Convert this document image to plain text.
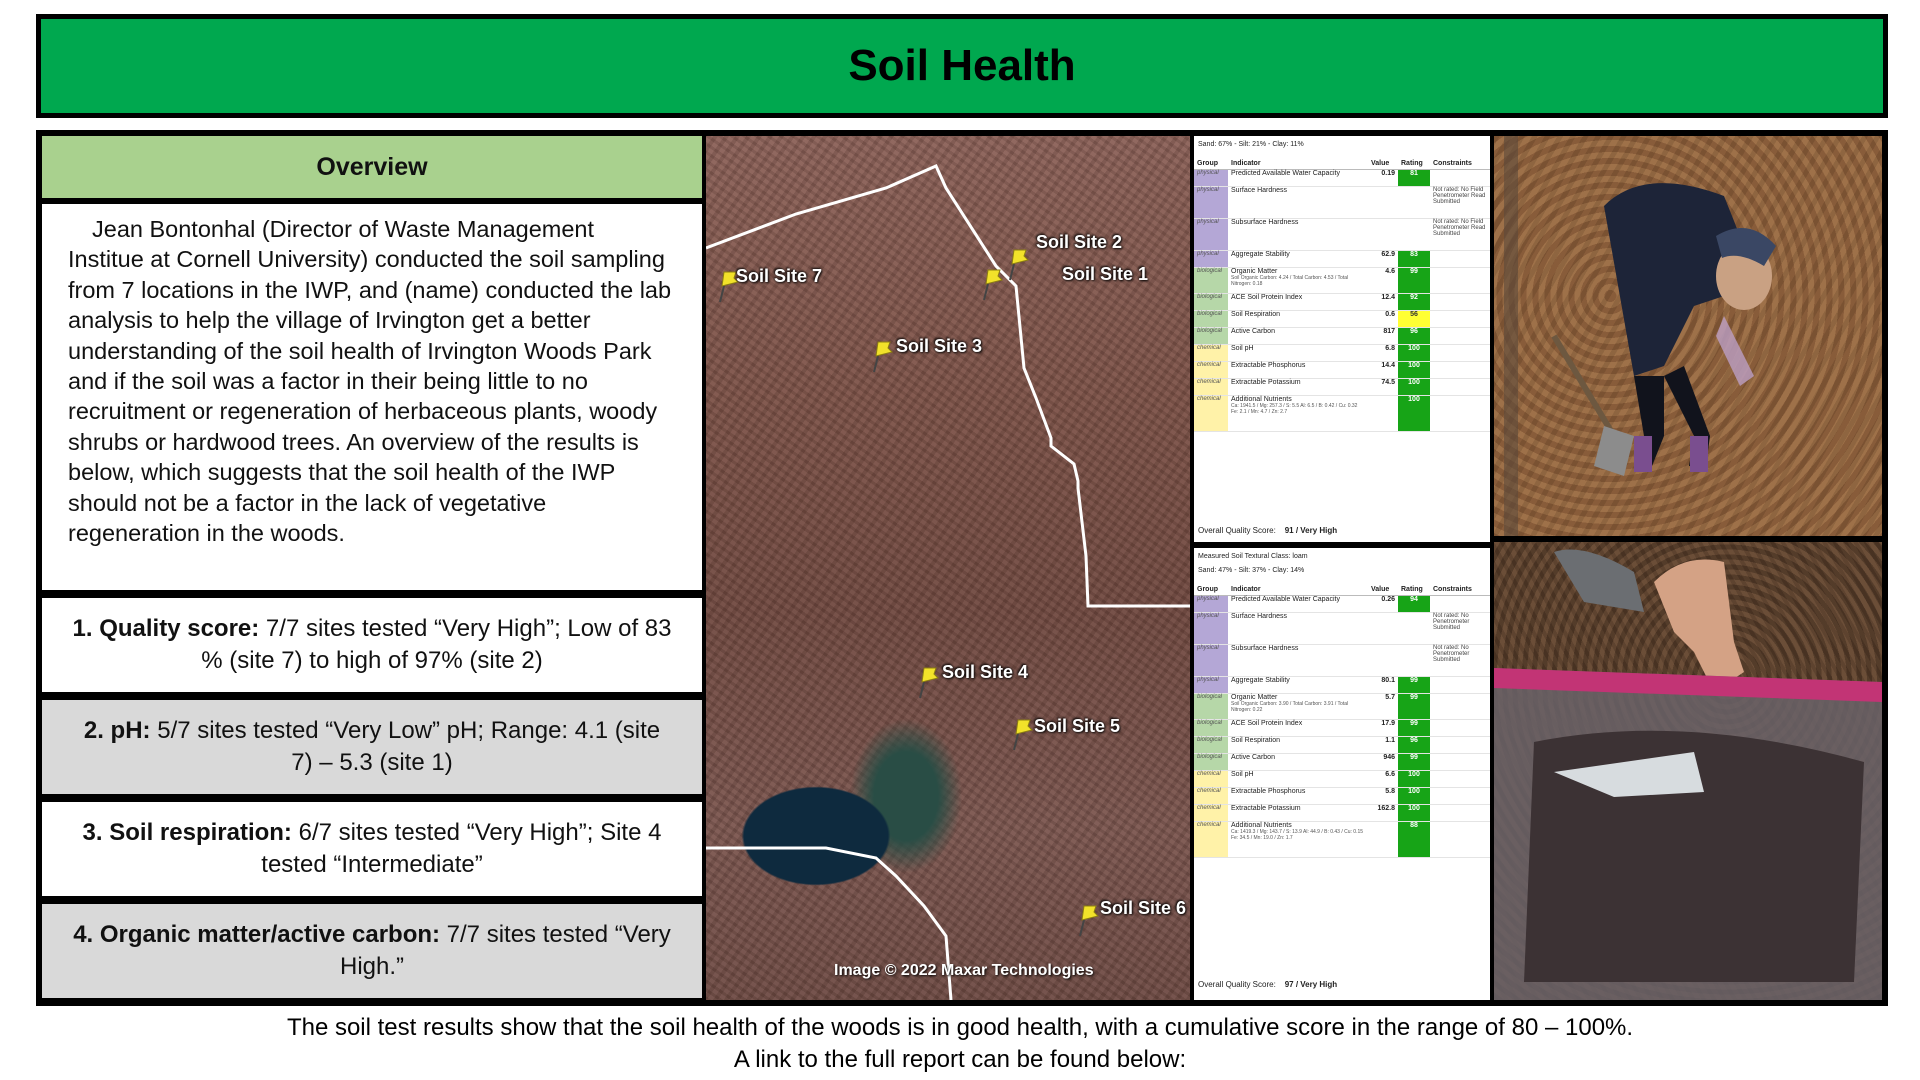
Soil Health
Overview
Jean Bontonhal (Director of Waste Management Institue at Cornell University) conducted the soil sampling from 7 locations in the IWP, and (name) conducted the lab analysis to help the village of Irvington get a better understanding of the soil health of Irvington Woods Park and if the soil was a factor in their being little to no recruitment or regeneration of herbaceous plants, woody shrubs or hardwood trees. An overview of the results is below, which suggests that the soil health of the IWP should not be a factor in the lack of vegetative regeneration in the woods.
1. Quality score: 7/7 sites tested “Very High”; Low of 83 % (site 7) to high of 97% (site 2)
2. pH: 5/7 sites tested “Very Low” pH; Range: 4.1 (site 7) – 5.3 (site 1)
3. Soil respiration: 6/7 sites tested “Very High”; Site 4 tested “Intermediate”
4. Organic matter/active carbon: 7/7 sites tested “Very High.”
Soil Site 7
Soil Site 2
Soil Site 1
Soil Site 3
Soil Site 4
Soil Site 5
Soil Site 6
Image © 2022 Maxar Technologies
Sand: 67% - Silt: 21% - Clay: 11%
Group	Indicator	Value	Rating	Constraints
physical	Predicted Available Water Capacity	0.19	81	
physical	Surface Hardness			Not rated: No Field Penetrometer Read Submitted
physical	Subsurface Hardness			Not rated: No Field Penetrometer Read Submitted
physical	Aggregate Stability	62.9	83	
biological	Organic Matter
Soil Organic Carbon: 4.24 / Total Carbon: 4.53 / Total Nitrogen: 0.18	4.6	99	
biological	ACE Soil Protein Index	12.4	92	
biological	Soil Respiration	0.6	56	
biological	Active Carbon	817	96	
chemical	Soil pH	6.8	100	
chemical	Extractable Phosphorus	14.4	100	
chemical	Extractable Potassium	74.5	100	
chemical	Additional Nutrients
Ca: 1941.5 / Mg: 257.3 / S: 5.5 Al: 6.5 / B: 0.42 / Cu: 0.32 Fe: 2.1 / Mn: 4.7 / Zn: 2.7		100	
Overall Quality Score: 91 / Very High
Measured Soil Textural Class: loam
Sand: 47% - Silt: 37% - Clay: 14%
Group	Indicator	Value	Rating	Constraints
physical	Predicted Available Water Capacity	0.26	94	
physical	Surface Hardness			Not rated: No Penetrometer Submitted
physical	Subsurface Hardness			Not rated: No Penetrometer Submitted
physical	Aggregate Stability	80.1	99	
biological	Organic Matter
Soil Organic Carbon: 3.90 / Total Carbon: 3.91 / Total Nitrogen: 0.22	5.7	99	
biological	ACE Soil Protein Index	17.9	99	
biological	Soil Respiration	1.1	96	
biological	Active Carbon	946	99	
chemical	Soil pH	6.6	100	
chemical	Extractable Phosphorus	5.8	100	
chemical	Extractable Potassium	162.8	100	
chemical	Additional Nutrients
Ca: 1419.3 / Mg: 143.7 / S: 13.9 Al: 44.9 / B: 0.43 / Cu: 0.15 Fe: 34.5 / Mn: 19.0 / Zn: 1.7		88	
Overall Quality Score: 97 / Very High
The soil test results show that the soil health of the woods is in good health, with a cumulative score in the range of 80 – 100%.
A link to the full report can be found below:
